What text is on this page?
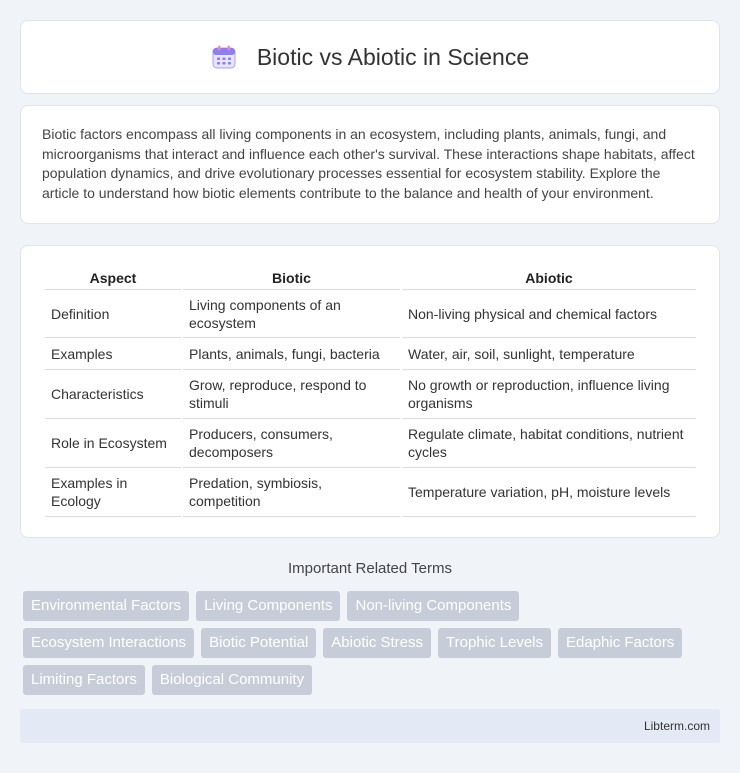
Biotic vs Abiotic in Science

Biotic factors encompass all living components in an ecosystem, including plants, animals, fungi, and microorganisms that interact and influence each other's survival. These interactions shape habitats, affect population dynamics, and drive evolutionary processes essential for ecosystem stability. Explore the article to understand how biotic elements contribute to the balance and health of your environment.

Aspect	Biotic	Abiotic
Definition	Living components of an ecosystem	Non-living physical and chemical factors
Examples	Plants, animals, fungi, bacteria	Water, air, soil, sunlight, temperature
Characteristics	Grow, reproduce, respond to stimuli	No growth or reproduction, influence living organisms
Role in Ecosystem	Producers, consumers, decomposers	Regulate climate, habitat conditions, nutrient cycles
Examples in Ecology	Predation, symbiosis, competition	Temperature variation, pH, moisture levels
Important Related Terms
Environmental Factors	Living Components	Non-living Components
Ecosystem Interactions	Biotic Potential	Abiotic Stress	Trophic Levels	Edaphic Factors
Limiting Factors	Biological Community
Libterm.com
